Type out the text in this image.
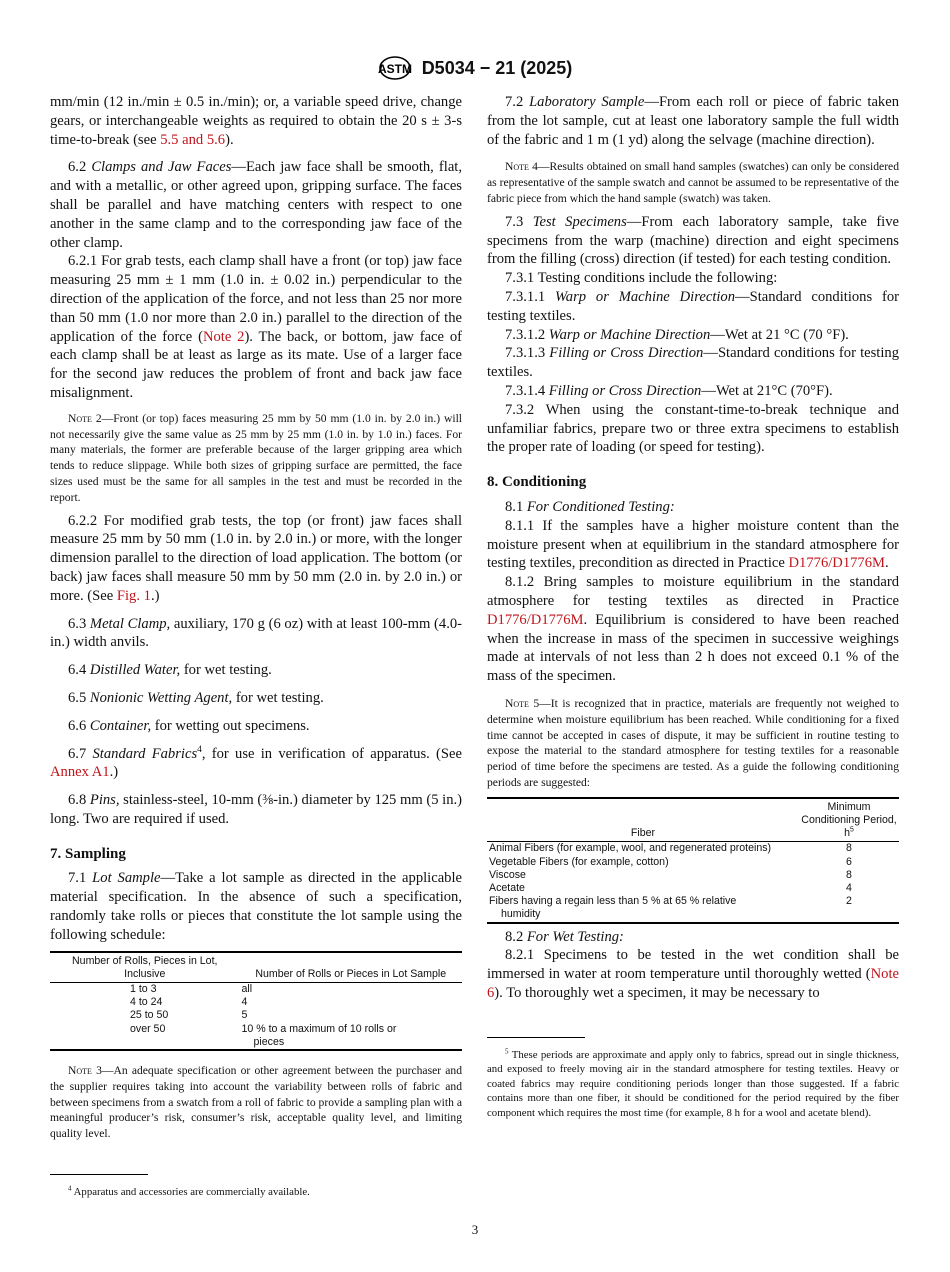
ASTM D5034 − 21 (2025)

mm/min (12 in./min ± 0.5 in./min); or, a variable speed drive, change gears, or interchangeable weights as required to obtain the 20 s ± 3-s time-to-break (see 5.5 and 5.6).

6.2 Clamps and Jaw Faces—Each jaw face shall be smooth, flat, and with a metallic, or other agreed upon, gripping surface. The faces shall be parallel and have matching centers with respect to one another in the same clamp and to the corresponding jaw face of the other clamp.

6.2.1 For grab tests, each clamp shall have a front (or top) jaw face measuring 25 mm ± 1 mm (1.0 in. ± 0.02 in.) perpendicular to the direction of the application of the force, and not less than 25 nor more than 50 mm (1.0 nor more than 2.0 in.) parallel to the direction of the application of the force (Note 2). The back, or bottom, jaw face of each clamp shall be at least as large as its mate. Use of a larger face for the second jaw reduces the problem of front and back jaw face misalignment.

Note 2—Front (or top) faces measuring 25 mm by 50 mm (1.0 in. by 2.0 in.) will not necessarily give the same value as 25 mm by 25 mm (1.0 in. by 1.0 in.) faces. For many materials, the former are preferable because of the larger gripping area which tends to reduce slippage. While both sizes of gripping surface are permitted, the face sizes used must be the same for all samples in the test and must be recorded in the report.

6.2.2 For modified grab tests, the top (or front) jaw faces shall measure 25 mm by 50 mm (1.0 in. by 2.0 in.) or more, with the longer dimension parallel to the direction of load application. The bottom (or back) jaw faces shall measure 50 mm by 50 mm (2.0 in. by 2.0 in.) or more. (See Fig. 1.)

6.3 Metal Clamp, auxiliary, 170 g (6 oz) with at least 100-mm (4.0-in.) width anvils.

6.4 Distilled Water, for wet testing.

6.5 Nonionic Wetting Agent, for wet testing.

6.6 Container, for wetting out specimens.

6.7 Standard Fabrics$^4$, for use in verification of apparatus. (See Annex A1.)

6.8 Pins, stainless-steel, 10-mm (⅜-in.) diameter by 125 mm (5 in.) long. Two are required if used.

7. Sampling

7.1 Lot Sample—Take a lot sample as directed in the applicable material specification. In the absence of such a specification, randomly take rolls or pieces that constitute the lot sample using the following schedule:

Number of Rolls, Pieces in Lot, Inclusive	Number of Rolls or Pieces in Lot Sample
1 to 3	all
4 to 24	4
25 to 50	5
over 50	10 % to a maximum of 10 rolls or pieces
Note 3—An adequate specification or other agreement between the purchaser and the supplier requires taking into account the variability between rolls of fabric and between specimens from a swatch from a roll of fabric to provide a sampling plan with a meaningful producer’s risk, consumer’s risk, acceptable quality level, and limiting quality level.
$^4$ Apparatus and accessories are commercially available.

7.2 Laboratory Sample—From each roll or piece of fabric taken from the lot sample, cut at least one laboratory sample the full width of the fabric and 1 m (1 yd) along the selvage (machine direction).

Note 4—Results obtained on small hand samples (swatches) can only be considered as representative of the sample swatch and cannot be assumed to be representative of the fabric piece from which the hand sample (swatch) was taken.

7.3 Test Specimens—From each laboratory sample, take five specimens from the warp (machine) direction and eight specimens from the filling (cross) direction (if tested) for each testing condition.

7.3.1 Testing conditions include the following:

7.3.1.1 Warp or Machine Direction—Standard conditions for testing textiles.

7.3.1.2 Warp or Machine Direction—Wet at 21 °C (70 °F).

7.3.1.3 Filling or Cross Direction—Standard conditions for testing textiles.

7.3.1.4 Filling or Cross Direction—Wet at 21°C (70°F).

7.3.2 When using the constant-time-to-break technique and unfamiliar fabrics, prepare two or three extra specimens to establish the proper rate of loading (or speed for testing).

8. Conditioning

8.1 For Conditioned Testing:

8.1.1 If the samples have a higher moisture content than the moisture present when at equilibrium in the standard atmosphere for testing textiles, precondition as directed in Practice D1776/D1776M.

8.1.2 Bring samples to moisture equilibrium in the standard atmosphere for testing textiles as directed in Practice D1776/D1776M. Equilibrium is considered to have been reached when the increase in mass of the specimen in successive weighings made at intervals of not less than 2 h does not exceed 0.1 % of the mass of the specimen.

Note 5—It is recognized that in practice, materials are frequently not weighed to determine when moisture equilibrium has been reached. While conditioning for a fixed time cannot be accepted in cases of dispute, it may be sufficient in routine testing to expose the material to the standard atmosphere for testing textiles for a reasonable period of time before the specimens are tested. As a guide the following conditioning periods are suggested:
Fiber	Minimum Conditioning Period, $h^5$
Animal Fibers (for example, wool, and regenerated proteins)	8
Vegetable Fibers (for example, cotton)	6
Viscose	8
Acetate	4
Fibers having a regain less than 5 % at 65 % relative humidity	2

8.2 For Wet Testing:

8.2.1 Specimens to be tested in the wet condition shall be immersed in water at room temperature until thoroughly wetted (Note 6). To thoroughly wet a specimen, it may be necessary to

$^5$ These periods are approximate and apply only to fabrics, spread out in single thickness, and exposed to freely moving air in the standard atmosphere for testing textiles. Heavy or coated fabrics may require conditioning periods longer than those suggested. If a fabric contains more than one fiber, it should be conditioned for the period required by the fiber component which requires the most time (for example, 8 h for a wool and acetate blend).
3
